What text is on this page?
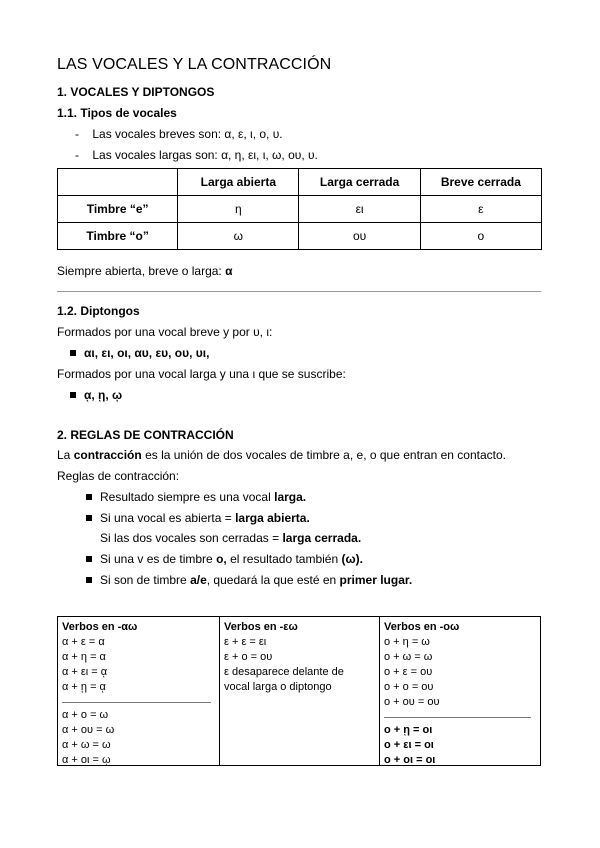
LAS VOCALES Y LA CONTRACCIÓN
1. VOCALES Y DIPTONGOS
1.1. Tipos de vocales
-    Las vocales breves son: α, ε, ι, ο, υ.
-    Las vocales largas son: α, η, ει, ι, ω, ου, υ.
	Larga abierta	Larga cerrada	Breve cerrada
Timbre “e”	η	ει	ε
Timbre “o”	ω	ου	ο
Siempre abierta, breve o larga: α
1.2. Diptongos
Formados por una vocal breve y por υ, ι:
αι, ει, οι, αυ, ευ, ου, υι,
Formados por una vocal larga y una ι que se suscribe:
ᾳ, ῃ, ῳ
2. REGLAS DE CONTRACCIÓN
La contracción es la unión de dos vocales de timbre a, e, o que entran en contacto.
Reglas de contracción:
Resultado siempre es una vocal larga.
Si una vocal es abierta = larga abierta.
Si las dos vocales son cerradas = larga cerrada.
Si una v es de timbre o, el resultado también (ω).
Si son de timbre a/e, quedará la que esté en primer lugar.
Verbos en -αω
α + ε = α
α + η = α
α + ει = ᾳ
α + ῃ = ᾳ
α + ο = ω
α + ου = ω
α + ω = ω
α + οι = ῳ
Verbos en -εω
ε + ε = ει
ε + ο = ου
ε desaparece delante de
vocal larga o diptongo
Verbos en -οω
ο + η = ω
ο + ω = ω
ο + ε = ου
ο + ο = ου
ο + ου = ου
ο + ῃ = οι
ο + ει = οι
ο + οι = οι
